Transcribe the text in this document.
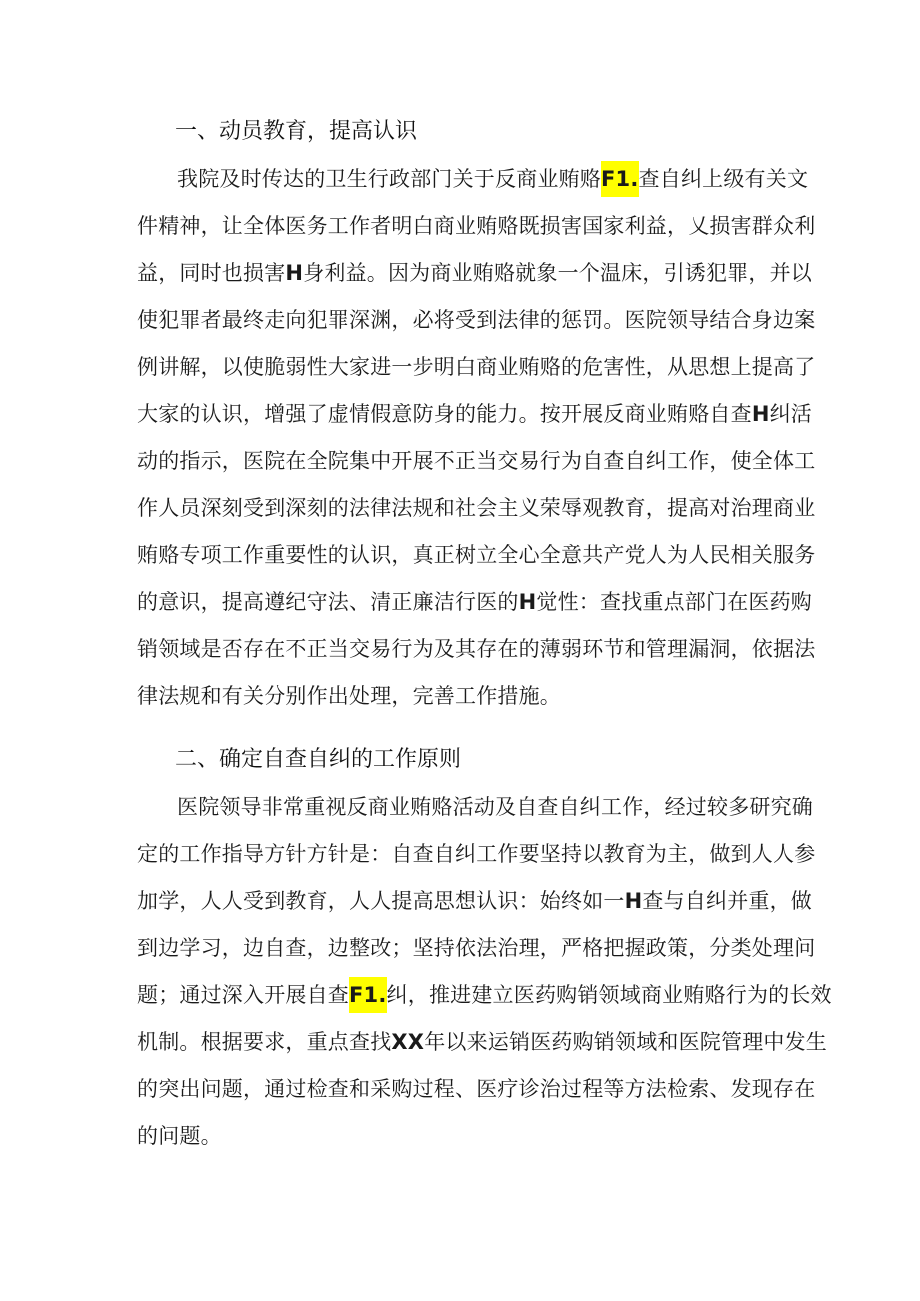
一、动员教育，提高认识
我院及时传达的卫生行政部门关于反商业贿赂F1.查自纠上级有关文
件精神，让全体医务工作者明白商业贿赂既损害国家利益，乂损害群众利
益，同时也损害H身利益。因为商业贿赂就象一个温床，引诱犯罪，并以
使犯罪者最终走向犯罪深渊，必将受到法律的惩罚。医院领导结合身边案
例讲解，以使脆弱性大家进一步明白商业贿赂的危害性，从思想上提高了
大家的认识，增强了虚情假意防身的能力。按开展反商业贿赂自查H纠活
动的指示，医院在全院集中开展不正当交易行为自查自纠工作，使全体工
作人员深刻受到深刻的法律法规和社会主义荣辱观教育，提高对治理商业
贿赂专项工作重要性的认识，真正树立全心全意共产党人为人民相关服务
的意识，提高遵纪守法、清正廉洁行医的H觉性：查找重点部门在医药购
销领域是否存在不正当交易行为及其存在的薄弱环节和管理漏洞，依据法
律法规和有关分别作出处理，完善工作措施。
二、确定自查自纠的工作原则
医院领导非常重视反商业贿赂活动及自查自纠工作，经过较多研究确
定的工作指导方针方针是：自查自纠工作要坚持以教育为主，做到人人参
加学，人人受到教育，人人提高思想认识：始终如一H查与自纠并重，做
到边学习，边自查，边整改；坚持依法治理，严格把握政策，分类处理问
题；通过深入开展自查F1.纠，推进建立医药购销领域商业贿赂行为的长效
机制。根据要求，重点查找XX年以来运销医药购销领域和医院管理中发生
的突出问题，通过检查和采购过程、医疗诊治过程等方法检索、发现存在
的问题。
